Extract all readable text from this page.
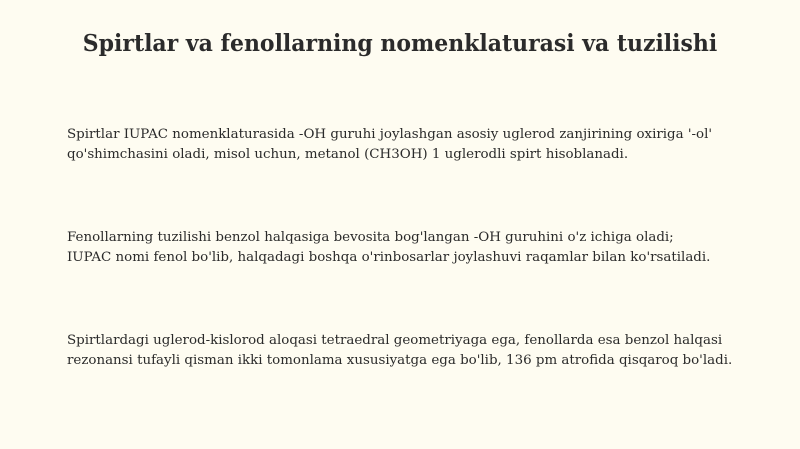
Spirtlar va fenollarning nomenklaturasi va tuzilishi

Spirtlar IUPAC nomenklaturasida -OH guruhi joylashgan asosiy uglerod zanjirining oxiriga '-ol'
qo'shimchasini oladi, misol uchun, metanol (CH3OH) 1 uglerodli spirt hisoblanadi.

Fenollarning tuzilishi benzol halqasiga bevosita bog'langan -OH guruhini o'z ichiga oladi;
IUPAC nomi fenol bo'lib, halqadagi boshqa o'rinbosarlar joylashuvi raqamlar bilan ko'rsatiladi.

Spirtlardagi uglerod-kislorod aloqasi tetraedral geometriyaga ega, fenollarda esa benzol halqasi
rezonansi tufayli qisman ikki tomonlama xususiyatga ega bo'lib, 136 pm atrofida qisqaroq bo'ladi.
